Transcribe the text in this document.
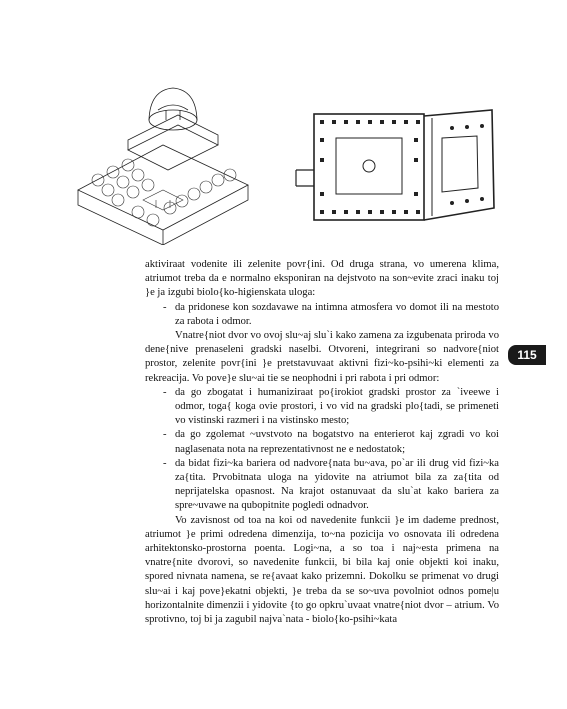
115

aktiviraat vodenite ili zelenite povr{ini. Od druga strana, vo umerena klima, atriumot treba da e normalno eksponiran na dejstvoto na son~evite zraci inaku toj }e ja izgubi biolo{ko-higienskata uloga:

- da pridonese kon sozdavawe na intimna atmosfera vo domot ili na mestoto za rabota i odmor.

Vnatre{niot dvor vo ovoj slu~aj slu`i kako zamena za izgubenata priroda vo dene{nive prenaseleni gradski naselbi. Otvoreni, integrirani so nadvore{niot prostor, zelenite povr{ini }e pretstavuvaat aktivni fizi~ko-psihi~ki elementi za rekreacija. Vo pove}e slu~ai tie se neophodni i pri rabota i pri odmor:

- da go zbogatat i humaniziraat po{irokiot gradski prostor za `iveewe i odmor, toga{ koga ovie prostori, i vo vid na gradski plo{tadi, se primeneti vo vistinski razmeri i na vistinsko mesto;
- da go zgolemat ~uvstvoto na bogatstvo na enterierot kaj zgradi vo koi naglasenata nota na reprezentativnost ne e nedostatok;
- da bidat fizi~ka bariera od nadvore{nata bu~ava, po`ar ili drug vid fizi~ka za{tita. Prvobitnata uloga na yidovite na atriumot bila za za{tita od neprijatelska opasnost. Na krajot ostanuvaat da slu`at kako bariera za spre~uvawe na qubopitnite pogledi odnadvor.

Vo zavisnost od toa na koi od navedenite funkcii }e im dademe prednost, atriumot }e primi odredena dimenzija, to~na pozicija vo osnovata ili odredena arhitektonsko-prostorna poenta. Logi~na, a so toa i naj~esta primena na vnatre{nite dvorovi, so navedenite funkcii, bi bila kaj onie objekti koi inaku, spored nivnata namena, se re{avaat kako prizemni. Dokolku se primenat vo drugi slu~ai i kaj pove}ekatni objekti, }e treba da se so~uva povolniot odnos pome|u horizontalnite dimenzii i yidovite {to go opkru`uvaat vnatre{niot dvor – atrium. Vo sprotivno, toj bi ja zagubil najva`nata - biolo{ko-psihi~kata
